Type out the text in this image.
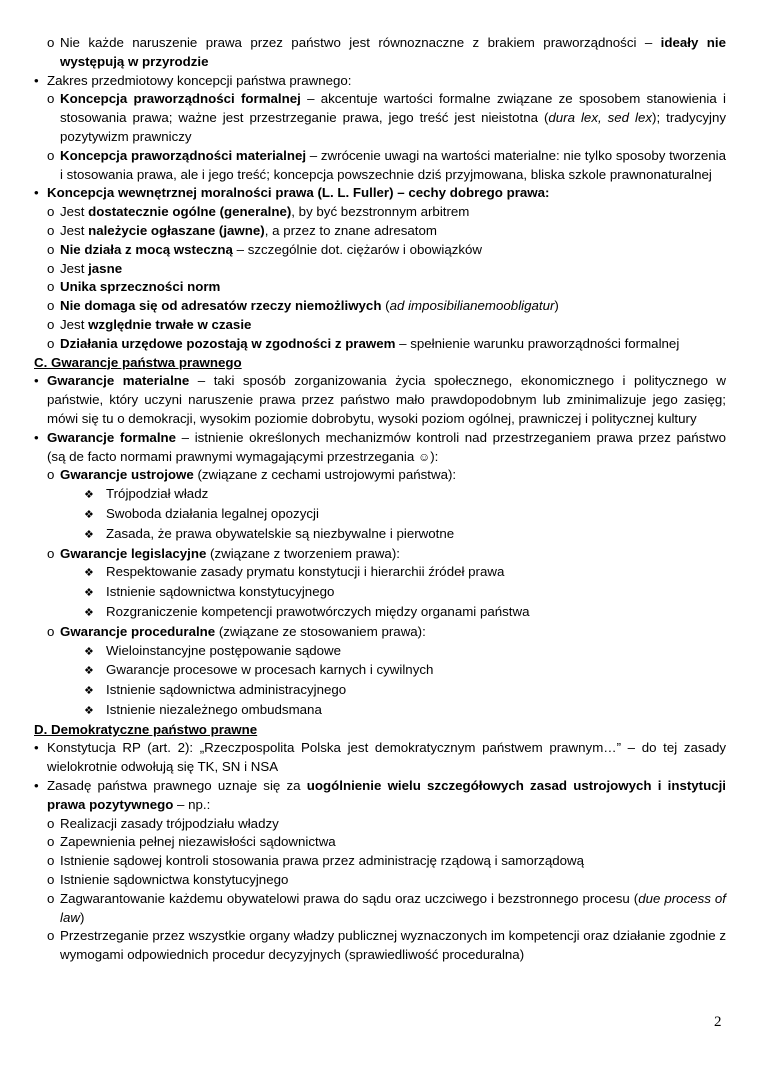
o Nie każde naruszenie prawa przez państwo jest równoznaczne z brakiem praworządności – ideały nie występują w przyrodzie
• Zakres przedmiotowy koncepcji państwa prawnego:
o Koncepcja praworządności formalnej – akcentuje wartości formalne związane ze sposobem stanowienia i stosowania prawa; ważne jest przestrzeganie prawa, jego treść jest nieistotna (dura lex, sed lex); tradycyjny pozytywizm prawniczy
o Koncepcja praworządności materialnej – zwrócenie uwagi na wartości materialne: nie tylko sposoby tworzenia i stosowania prawa, ale i jego treść; koncepcja powszechnie dziś przyjmowana, bliska szkole prawnonaturalnej
• Koncepcja wewnętrznej moralności prawa (L. L. Fuller) – cechy dobrego prawa:
o Jest dostatecznie ogólne (generalne), by być bezstronnym arbitrem
o Jest należycie ogłaszane (jawne), a przez to znane adresatom
o Nie działa z mocą wsteczną – szczególnie dot. ciężarów i obowiązków
o Jest jasne
o Unika sprzeczności norm
o Nie domaga się od adresatów rzeczy niemożliwych (ad imposibilianemoobligatur)
o Jest względnie trwałe w czasie
o Działania urzędowe pozostają w zgodności z prawem – spełnienie warunku praworządności formalnej
C. Gwarancje państwa prawnego
• Gwarancje materialne – taki sposób zorganizowania życia społecznego, ekonomicznego i politycznego w państwie, który uczyni naruszenie prawa przez państwo mało prawdopodobnym lub zminimalizuje jego zasięg; mówi się tu o demokracji, wysokim poziomie dobrobytu, wysoki poziom ogólnej, prawniczej i politycznej kultury
• Gwarancje formalne – istnienie określonych mechanizmów kontroli nad przestrzeganiem prawa przez państwo (są de facto normami prawnymi wymagającymi przestrzegania ☺):
o Gwarancje ustrojowe (związane z cechami ustrojowymi państwa):
❖ Trójpodział władz
❖ Swoboda działania legalnej opozycji
❖ Zasada, że prawa obywatelskie są niezbywalne i pierwotne
o Gwarancje legislacyjne (związane z tworzeniem prawa):
❖ Respektowanie zasady prymatu konstytucji i hierarchii źródeł prawa
❖ Istnienie sądownictwa konstytucyjnego
❖ Rozgraniczenie kompetencji prawotwórczych między organami państwa
o Gwarancje proceduralne (związane ze stosowaniem prawa):
❖ Wieloinstancyjne postępowanie sądowe
❖ Gwarancje procesowe w procesach karnych i cywilnych
❖ Istnienie sądownictwa administracyjnego
❖ Istnienie niezależnego ombudsmana
D. Demokratyczne państwo prawne
• Konstytucja RP (art. 2): „Rzeczpospolita Polska jest demokratycznym państwem prawnym…” – do tej zasady wielokrotnie odwołują się TK, SN i NSA
• Zasadę państwa prawnego uznaje się za uogólnienie wielu szczegółowych zasad ustrojowych i instytucji prawa pozytywnego – np.:
o Realizacji zasady trójpodziału władzy
o Zapewnienia pełnej niezawisłości sądownictwa
o Istnienie sądowej kontroli stosowania prawa przez administrację rządową i samorządową
o Istnienie sądownictwa konstytucyjnego
o Zagwarantowanie każdemu obywatelowi prawa do sądu oraz uczciwego i bezstronnego procesu (due process of law)
o Przestrzeganie przez wszystkie organy władzy publicznej wyznaczonych im kompetencji oraz działanie zgodnie z wymogami odpowiednich procedur decyzyjnych (sprawiedliwość proceduralna)
2
